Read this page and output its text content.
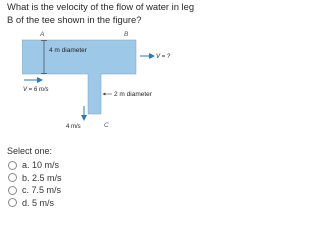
What is the velocity of the flow of water in leg B of the tee shown in the figure?
A	B
4 m diameter
V = 6 m/s
V = ?
2 m diameter
4 m/s	C
Select one:
a. 10 m/s
b. 2.5 m/s
c. 7.5 m/s
d. 5 m/s
